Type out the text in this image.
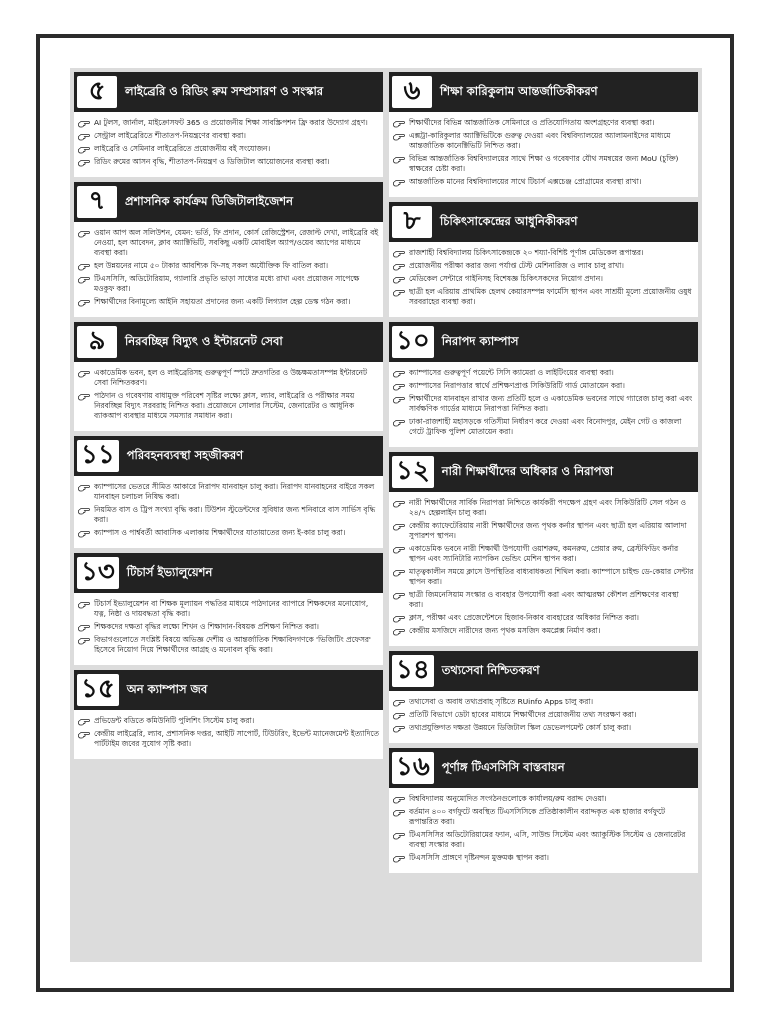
৫	লাইব্রেরি ও রিডিং রুম সম্প্রসারণ ও সংস্কার
AI টুলস, জার্নাল, মাইক্রোসফট 365 ও প্রয়োজনীয় শিক্ষা সাবস্ক্রিপশন ফ্রি করার উদ্যোগ গ্রহণ।
সেন্ট্রাল লাইব্রেরিতে শীতাতপ-নিয়ন্ত্রণের ব্যবস্থা করা।
লাইব্রেরি ও সেমিনার লাইব্রেরিতে প্রয়োজনীয় বই সংযোজন।
রিডিং রুমের আসন বৃদ্ধি, শীতাতপ-নিয়ন্ত্রণ ও ডিজিটাল আয়োজনের ব্যবস্থা করা।
৭	প্রশাসনিক কার্যক্রম ডিজিটালাইজেশন
ওয়ান আপ অল সলিউশন, যেমন: ভর্তি, ফি প্রদান, কোর্স রেজিস্ট্রেশন, রেজাল্ট দেখা, লাইব্রেরি বই নেওয়া, হল আবেদন, ক্লাব অ্যাক্টিভিটি, সবকিছু একটি মোবাইল অ্যাপ/ওয়েব অ্যাপের মাধ্যমে ব্যবস্থা করা।
হল উন্নয়নের নামে ৫০ টাকার আবশ্যিক ফি-সহ সকল অযৌক্তিক ফি বাতিল করা।
টিএসসিসি, অডিটোরিয়াম, গ্যালারি প্রভৃতি ভাড়া সাধ্যের মধ্যে রাখা এবং প্রয়োজন সাপেক্ষে মওকুফ করা।
শিক্ষার্থীদের বিনামূল্যে আইনি সহায়তা প্রদানের জন্য একটি লিগ্যাল হেল্প ডেস্ক গঠন করা।
৯	নিরবচ্ছিন্ন বিদ্যুৎ ও ইন্টারনেট সেবা
একাডেমিক ভবন, হল ও লাইব্রেরিসহ গুরুত্বপূর্ণ স্পটে দ্রুতগতির ও উচ্চক্ষমতাসম্পন্ন ইন্টারনেট সেবা নিশ্চিতকরণ।
পাঠদান ও গবেষণায় বাধামুক্ত পরিবেশ সৃষ্টির লক্ষ্যে ক্লাস, ল্যাব, লাইব্রেরি ও পরীক্ষার সময় নিরবচ্ছিন্ন বিদ্যুৎ সরবরাহ নিশ্চিত করা। প্রয়োজনে সোলার সিস্টেম, জেনারেটর ও আধুনিক ব্যাকআপ ব্যবস্থার মাধ্যমে সমস্যার সমাধান করা।
১১	পরিবহনব্যবস্থা সহজীকরণ
ক্যাম্পাসের ভেতরে সীমিত আকারে নিরাপদ যানবাহন চালু করা। নিরাপদ যানবাহনের বাইরে সকল যানবাহন চলাচল নিষিদ্ধ করা।
নিয়মিত বাস ও ট্রিপ সংখ্যা বৃদ্ধি করা। টিউশন স্টুডেন্টদের সুবিধার জন্য শনিবারে বাস সার্ভিস বৃদ্ধি করা।
ক্যাম্পাস ও পার্শ্ববর্তী আবাসিক এলাকায় শিক্ষার্থীদের যাতায়াতের জন্য ই-কার চালু করা।
১৩	টিচার্স ইভ্যালুয়েশন
টিচার্স ইভ্যালুয়েশন বা শিক্ষক মূল্যায়ন পদ্ধতির মাধ্যমে পাঠদানের ব্যাপারে শিক্ষকদের মনোযোগ, যত্ন, নিষ্ঠা ও দায়বদ্ধতা বৃদ্ধি করা।
শিক্ষকদের দক্ষতা বৃদ্ধির লক্ষ্যে শিখন ও শিক্ষাদান-বিষয়ক প্রশিক্ষণ নিশ্চিত করা।
বিভাগগুলোতে সংশ্লিষ্ট বিষয়ে অভিজ্ঞ দেশীয় ও আন্তর্জাতিক শিক্ষাবিদগণকে 'ভিজিটিং প্রফেসর' হিসেবে নিয়োগ দিয়ে শিক্ষার্থীদের আগ্রহ ও মনোবল বৃদ্ধি করা।
১৫	অন ক্যাম্পাস জব
প্রভিডেন্ট বডিতে কমিউনিটি পুলিশিং সিস্টেম চালু করা।
কেন্দ্রীয় লাইব্রেরি, ল্যাব, প্রশাসনিক দপ্তর, আইটি সাপোর্ট, টিউটরিং, ইভেন্ট ম্যানেজমেন্ট ইত্যাদিতে পার্টটাইম জবের সুযোগ সৃষ্টি করা।
৬	শিক্ষা কারিকুলাম আন্তর্জাতিকীকরণ
শিক্ষার্থীদের বিভিন্ন আন্তর্জাতিক সেমিনারে ও প্রতিযোগিতায় অংশগ্রহণের ব্যবস্থা করা।
এক্সট্রা-কারিকুলার অ্যাক্টিভিটিকে গুরুত্ব দেওয়া এবং বিশ্ববিদ্যালয়ের অ্যালামনাইদের মাধ্যমে আন্তর্জাতিক কানেক্টিভিটি নিশ্চিত করা।
বিভিন্ন আন্তর্জাতিক বিশ্ববিদ্যালয়ের সাথে শিক্ষা ও গবেষণার যৌথ সমন্বয়ের জন্য MoU (চুক্তি) স্বাক্ষরের চেষ্টা করা।
আন্তর্জাতিক মানের বিশ্ববিদ্যালয়ের সাথে টিচার্স এক্সচেঞ্জ প্রোগ্রামের ব্যবস্থা রাখা।
৮	চিকিৎসাকেন্দ্রের আধুনিকীকরণ
রাজশাহী বিশ্ববিদ্যালয় চিকিৎসাকেন্দ্রকে ২০ শয্যা-বিশিষ্ট পূর্ণাঙ্গ মেডিকেল রূপান্তর।
প্রয়োজনীয় পরীক্ষা করার জন্য পর্যাপ্ত টেস্ট মেশিনারিজ ও ল্যাব চালু রাখা।
মেডিকেল সেন্টারে গাইনিসহ বিশেষজ্ঞ চিকিৎসকদের নিয়োগ প্রদান।
ছাত্রী হল এরিয়ায় প্রাথমিক হেলথ কেয়ারসম্পন্ন ফার্মেসি স্থাপন এবং সাশ্রয়ী মূল্যে প্রয়োজনীয় ওষুধ সরবরাহের ব্যবস্থা করা।
১০	নিরাপদ ক্যাম্পাস
ক্যাম্পাসের গুরুত্বপূর্ণ পয়েন্টে সিসি ক্যামেরা ও লাইটিংয়ের ব্যবস্থা করা।
ক্যাম্পাসের নিরাপত্তার স্বার্থে প্রশিক্ষণপ্রাপ্ত সিকিউরিটি গার্ড মোতায়েন করা।
শিক্ষার্থীদের যানবাহন রাখার জন্য প্রতিটি হলে ও একাডেমিক ভবনের সাথে গ্যারেজ চালু করা এবং সার্বক্ষণিক গার্ডের মাধ্যমে নিরাপত্তা নিশ্চিত করা।
ঢাকা-রাজশাহী মহাসড়কে গতিসীমা নির্ধারণ করে দেওয়া এবং বিনোদপুর, মেইন গেট ও কাজলা গেটে ট্রাফিক পুলিশ মোতায়েন করা।
১২	নারী শিক্ষার্থীদের অধিকার ও নিরাপত্তা
নারী শিক্ষার্থীদের সার্বিক নিরাপত্তা নিশ্চিতে কার্যকরী পদক্ষেপ গ্রহণ এবং সিকিউরিটি সেল গঠন ও ২৪/৭ হেল্পলাইন চালু করা।
কেন্দ্রীয় ক্যাফেটেরিয়ায় নারী শিক্ষার্থীদের জন্য পৃথক কর্নার স্থাপন এবং ছাত্রী হল এরিয়ায় আলাদা সুপারশপ স্থাপন।
একাডেমিক ভবনে নারী শিক্ষার্থী উপযোগী ওয়াশরুম, কমনরুম, প্রেয়ার রুম, ব্রেস্টফিডিং কর্নার স্থাপন এবং স্যানিটারি ন্যাপকিন ভেন্ডিং মেশিন স্থাপন করা।
মাতৃত্বকালীন সময়ে ক্লাসে উপস্থিতির বাধ্যবাধকতা শিথিল করা। ক্যাম্পাসে চাইল্ড ডে-কেয়ার সেন্টার স্থাপন করা।
ছাত্রী জিমনেসিয়াম সংস্কার ও ব্যবহার উপযোগী করা এবং আত্মরক্ষা কৌশল প্রশিক্ষণের ব্যবস্থা করা।
ক্লাস, পরীক্ষা এবং প্রেজেন্টেশনে হিজাব-নিকাব ব্যবহারের অধিকার নিশ্চিত করা।
কেন্দ্রীয় মসজিদে নারীদের জন্য পৃথক মসজিদ কমপ্লেক্স নির্মাণ করা।
১৪	তথ্যসেবা নিশ্চিতকরণ
তথ্যসেবা ও অবাধ তথ্যপ্রবাহ সৃষ্টিতে RUinfo Apps চালু করা।
প্রতিটি বিভাগে ডেটা হাবের মাধ্যমে শিক্ষার্থীদের প্রয়োজনীয় তথ্য সংরক্ষণ করা।
তথ্যপ্রযুক্তিগত দক্ষতা উন্নয়নে ডিজিটাল স্কিল ডেভেলপমেন্ট কোর্স চালু করা।
১৬	পূর্ণাঙ্গ টিএসসিসি বাস্তবায়ন
বিশ্ববিদ্যালয় অনুমোদিত সংগঠনগুলোকে কার্যালয়/রুম বরাদ্দ দেওয়া।
বর্তমান ৪০০ বর্গফুটে অবস্থিত টিএসসিসিকে প্রতিষ্ঠাকালীন বরাদ্দকৃত এক হাজার বর্গফুটে রূপান্তরিত করা।
টিএসসিসির অডিটোরিয়ামের ফ্যান, এসি, সাউন্ড সিস্টেম এবং অ্যাকুস্টিক সিস্টেম ও জেনারেটর ব্যবস্থা সংস্কার করা।
টিএসসিসি প্রাঙ্গণে দৃষ্টিনন্দন মুক্তমঞ্চ স্থাপন করা।
